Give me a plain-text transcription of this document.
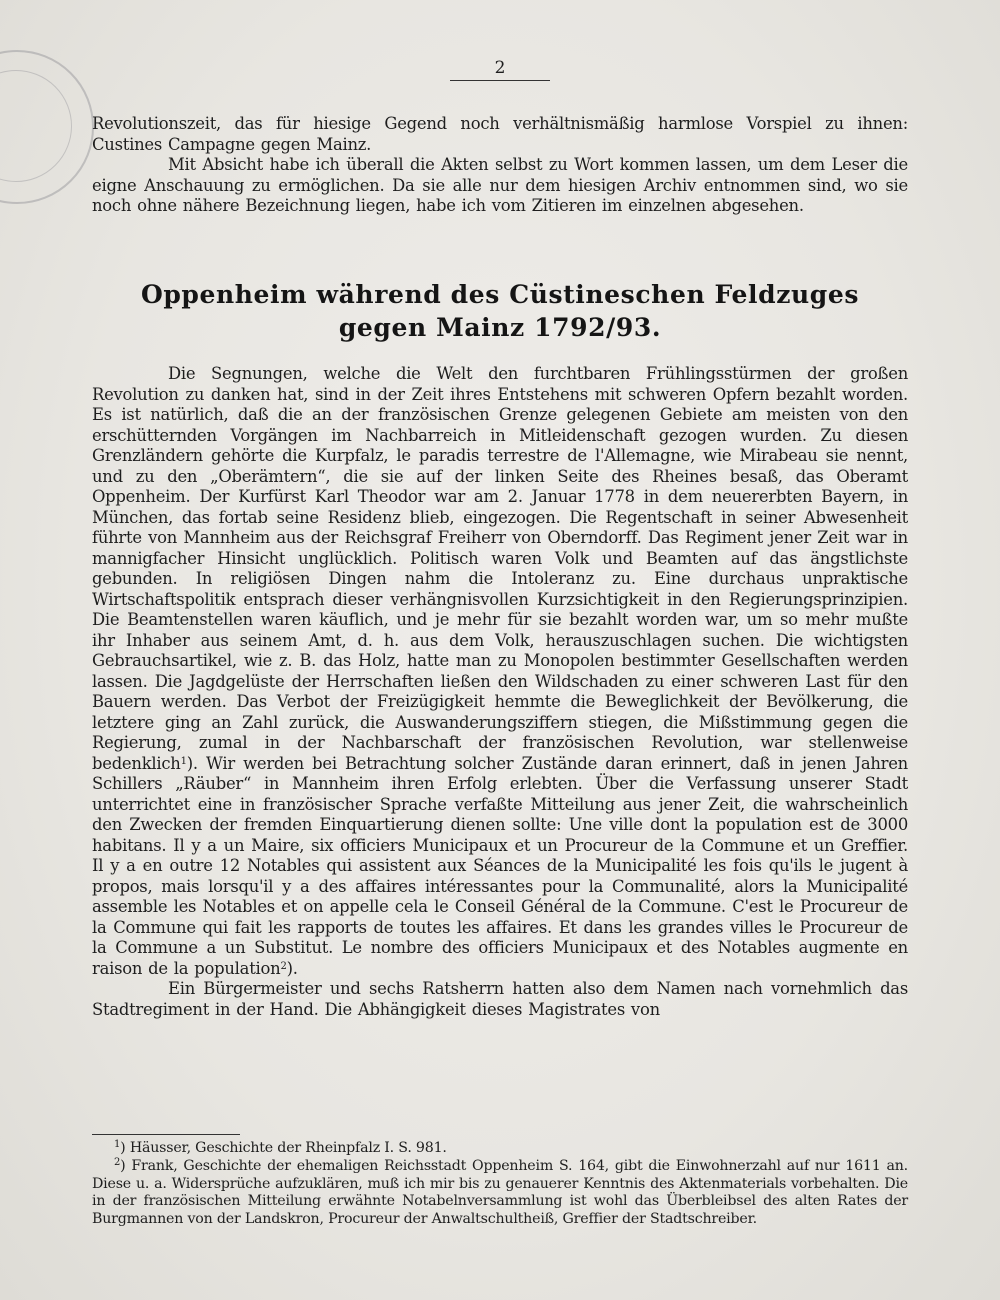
2

Revolutionszeit, das für hiesige Gegend noch verhältnismäßig harmlose Vorspiel zu ihnen: Custines Campagne gegen Mainz.

Mit Absicht habe ich überall die Akten selbst zu Wort kommen lassen, um dem Leser die eigne Anschauung zu ermöglichen. Da sie alle nur dem hiesigen Archiv entnommen sind, wo sie noch ohne nähere Bezeichnung liegen, habe ich vom Zitieren im einzelnen abgesehen.

Oppenheim während des Cüstineschen Feldzuges
gegen Mainz 1792/93.

Die Segnungen, welche die Welt den furchtbaren Frühlingsstürmen der großen Revolution zu danken hat, sind in der Zeit ihres Entstehens mit schweren Opfern bezahlt worden. Es ist natürlich, daß die an der französischen Grenze gelegenen Gebiete am meisten von den erschütternden Vorgängen im Nachbarreich in Mitleidenschaft gezogen wurden. Zu diesen Grenzländern gehörte die Kurpfalz, le paradis terrestre de l'Allemagne, wie Mirabeau sie nennt, und zu den „Oberämtern“, die sie auf der linken Seite des Rheines besaß, das Oberamt Oppenheim. Der Kurfürst Karl Theodor war am 2. Januar 1778 in dem neuererbten Bayern, in München, das fortab seine Residenz blieb, eingezogen. Die Regentschaft in seiner Abwesenheit führte von Mannheim aus der Reichsgraf Freiherr von Oberndorff. Das Regiment jener Zeit war in mannigfacher Hinsicht unglücklich. Politisch waren Volk und Beamten auf das ängstlichste gebunden. In religiösen Dingen nahm die Intoleranz zu. Eine durchaus unpraktische Wirtschaftspolitik entsprach dieser verhängnisvollen Kurzsichtigkeit in den Regierungsprinzipien. Die Beamtenstellen waren käuflich, und je mehr für sie bezahlt worden war, um so mehr mußte ihr Inhaber aus seinem Amt, d. h. aus dem Volk, herauszuschlagen suchen. Die wichtigsten Gebrauchsartikel, wie z. B. das Holz, hatte man zu Monopolen bestimmter Gesellschaften werden lassen. Die Jagdgelüste der Herrschaften ließen den Wildschaden zu einer schweren Last für den Bauern werden. Das Verbot der Freizügigkeit hemmte die Beweglichkeit der Bevölkerung, die letztere ging an Zahl zurück, die Auswanderungsziffern stiegen, die Mißstimmung gegen die Regierung, zumal in der Nachbarschaft der französischen Revolution, war stellenweise bedenklich$^1$). Wir werden bei Betrachtung solcher Zustände daran erinnert, daß in jenen Jahren Schillers „Räuber“ in Mannheim ihren Erfolg erlebten. Über die Verfassung unserer Stadt unterrichtet eine in französischer Sprache verfaßte Mitteilung aus jener Zeit, die wahrscheinlich den Zwecken der fremden Einquartierung dienen sollte: Une ville dont la population est de 3000 habitans. Il y a un Maire, six officiers Municipaux et un Procureur de la Commune et un Greffier. Il y a en outre 12 Notables qui assistent aux Séances de la Municipalité les fois qu'ils le jugent à propos, mais lorsqu'il y a des affaires intéressantes pour la Communalité, alors la Municipalité assemble les Notables et on appelle cela le Conseil Général de la Commune. C'est le Procureur de la Commune qui fait les rapports de toutes les affaires. Et dans les grandes villes le Procureur de la Commune a un Substitut. Le nombre des officiers Municipaux et des Notables augmente en raison de la population$^2$).

Ein Bürgermeister und sechs Ratsherrn hatten also dem Namen nach vornehmlich das Stadtregiment in der Hand. Die Abhängigkeit dieses Magistrates von

$^1$) Häusser, Geschichte der Rheinpfalz I. S. 981.

$^2$) Frank, Geschichte der ehemaligen Reichsstadt Oppenheim S. 164, gibt die Einwohnerzahl auf nur 1611 an. Diese u. a. Widersprüche aufzuklären, muß ich mir bis zu genauerer Kenntnis des Aktenmaterials vorbehalten. Die in der französischen Mitteilung erwähnte Notabelnversammlung ist wohl das Überbleibsel des alten Rates der Burgmannen von der Landskron, Procureur der Anwaltschultheiß, Greffier der Stadtschreiber.
